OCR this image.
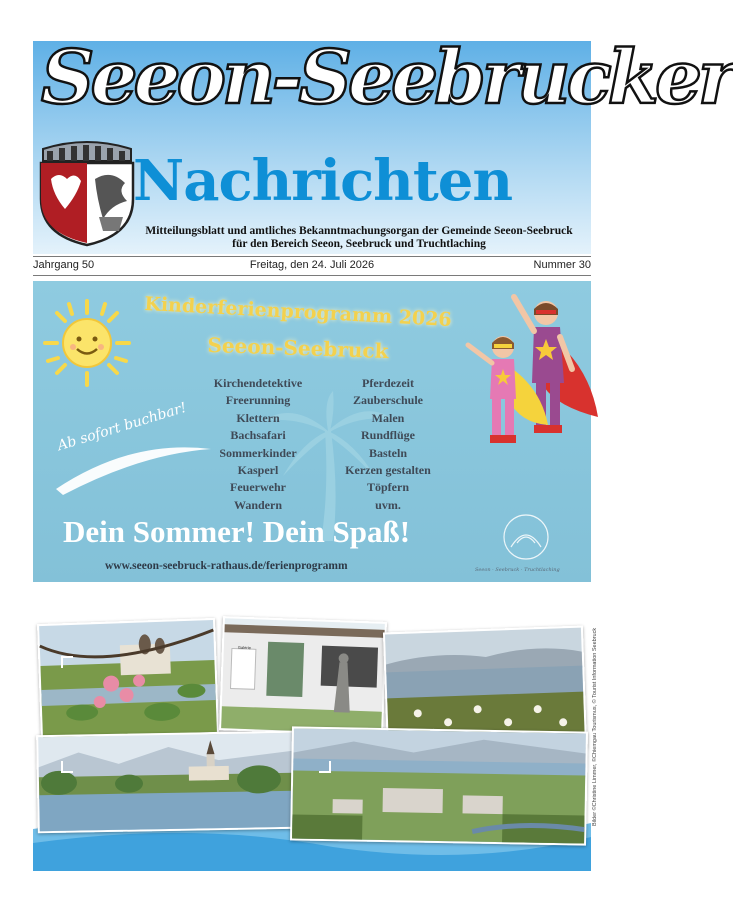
Seeon-Seebrucker
Nachrichten
Mitteilungsblatt und amtliches Bekanntmachungsorgan der Gemeinde Seeon-Seebruck
für den Bereich Seeon, Seebruck und Truchtlaching
Freitag, den 24. Juli 2026
Jahrgang 50	Nummer 30
Kinderferienprogramm 2026
Seeon-Seebruck
Kirchendetektive
Freerunning
Klettern
Bachsafari
Sommerkinder
Kasperl
Feuerwehr
Wandern
Pferdezeit
Zauberschule
Malen
Rundflüge
Basteln
Kerzen gestalten
Töpfern
uvm.
Ab sofort buchbar!
Dein Sommer! Dein Spaß!
www.seeon-seebruck-rathaus.de/ferienprogramm	Seeon · Seebruck · Truchtlaching
Galerie	Bilder ©Christine Limmer, ©Chiemgau Tourismus, © Tourist Information Seebruck
